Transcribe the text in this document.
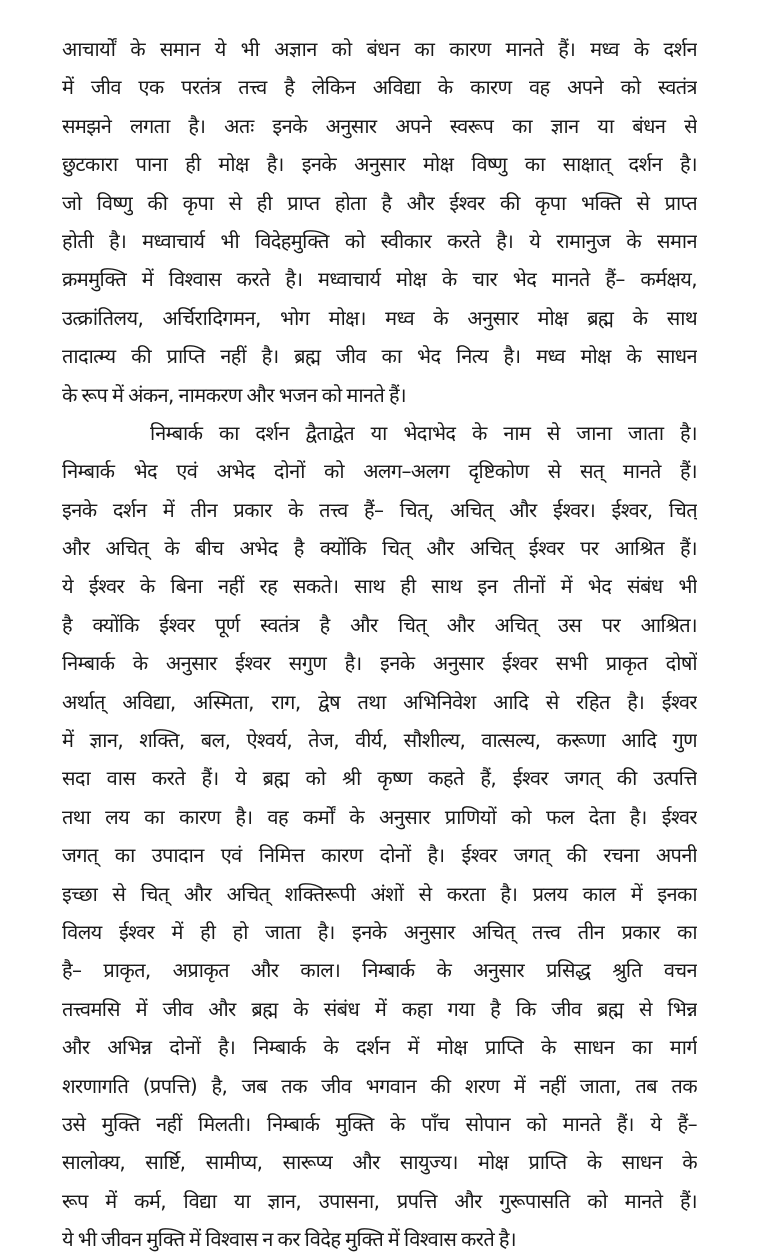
आचार्यों के समान ये भी अज्ञान को बंधन का कारण मानते हैं। मध्व के दर्शन
में जीव एक परतंत्र तत्त्व है लेकिन अविद्या के कारण वह अपने को स्वतंत्र
समझने लगता है। अतः इनके अनुसार अपने स्वरूप का ज्ञान या बंधन से
छुटकारा पाना ही मोक्ष है। इनके अनुसार मोक्ष विष्णु का साक्षात् दर्शन है।
जो विष्णु की कृपा से ही प्राप्त होता है और ईश्वर की कृपा भक्ति से प्राप्त
होती है। मध्वाचार्य भी विदेहमुक्ति को स्वीकार करते है। ये रामानुज के समान
क्रममुक्ति में विश्वास करते है। मध्वाचार्य मोक्ष के चार भेद मानते हैं– कर्मक्षय,
उत्क्रांतिलय, अर्चिरादिगमन, भोग मोक्ष। मध्व के अनुसार मोक्ष ब्रह्म के साथ
तादात्म्य की प्राप्ति नहीं है। ब्रह्म जीव का भेद नित्य है। मध्व मोक्ष के साधन
के रूप में अंकन, नामकरण और भजन को मानते हैं।
निम्बार्क का दर्शन द्वैताद्वेत या भेदाभेद के नाम से जाना जाता है।
निम्बार्क भेद एवं अभेद दोनों को अलग–अलग दृष्टिकोण से सत् मानते हैं।
इनके दर्शन में तीन प्रकार के तत्त्व हैं– चित्, अचित् और ईश्वर। ईश्वर, चित्
और अचित् के बीच अभेद है क्योंकि चित् और अचित् ईश्वर पर आश्रित हैं।
ये ईश्वर के बिना नहीं रह सकते। साथ ही साथ इन तीनों में भेद संबंध भी
है क्योंकि ईश्वर पूर्ण स्वतंत्र है और चित् और अचित् उस पर आश्रित।
निम्बार्क के अनुसार ईश्वर सगुण है। इनके अनुसार ईश्वर सभी प्राकृत दोषों
अर्थात् अविद्या, अस्मिता, राग, द्वेष तथा अभिनिवेश आदि से रहित है। ईश्वर
में ज्ञान, शक्ति, बल, ऐश्वर्य, तेज, वीर्य, सौशील्य, वात्सल्य, करूणा आदि गुण
सदा वास करते हैं। ये ब्रह्म को श्री कृष्ण कहते हैं, ईश्वर जगत् की उत्पत्ति
तथा लय का कारण है। वह कर्मों के अनुसार प्राणियों को फल देता है। ईश्वर
जगत् का उपादान एवं निमित्त कारण दोनों है। ईश्वर जगत् की रचना अपनी
इच्छा से चित् और अचित् शक्तिरूपी अंशों से करता है। प्रलय काल में इनका
विलय ईश्वर में ही हो जाता है। इनके अनुसार अचित् तत्त्व तीन प्रकार का
है– प्राकृत, अप्राकृत और काल। निम्बार्क के अनुसार प्रसिद्ध श्रुति वचन
तत्त्वमसि में जीव और ब्रह्म के संबंध में कहा गया है कि जीव ब्रह्म से भिन्न
और अभिन्न दोनों है। निम्बार्क के दर्शन में मोक्ष प्राप्ति के साधन का मार्ग
शरणागति (प्रपत्ति) है, जब तक जीव भगवान की शरण में नहीं जाता, तब तक
उसे मुक्ति नहीं मिलती। निम्बार्क मुक्ति के पाँच सोपान को मानते हैं। ये हैं–
सालोक्य, सार्ष्टि, सामीप्य, सारूप्य और सायुज्य। मोक्ष प्राप्ति के साधन के
रूप में कर्म, विद्या या ज्ञान, उपासना, प्रपत्ति और गुरूपासति को मानते हैं।
ये भी जीवन मुक्ति में विश्वास न कर विदेह मुक्ति में विश्वास करते है।
